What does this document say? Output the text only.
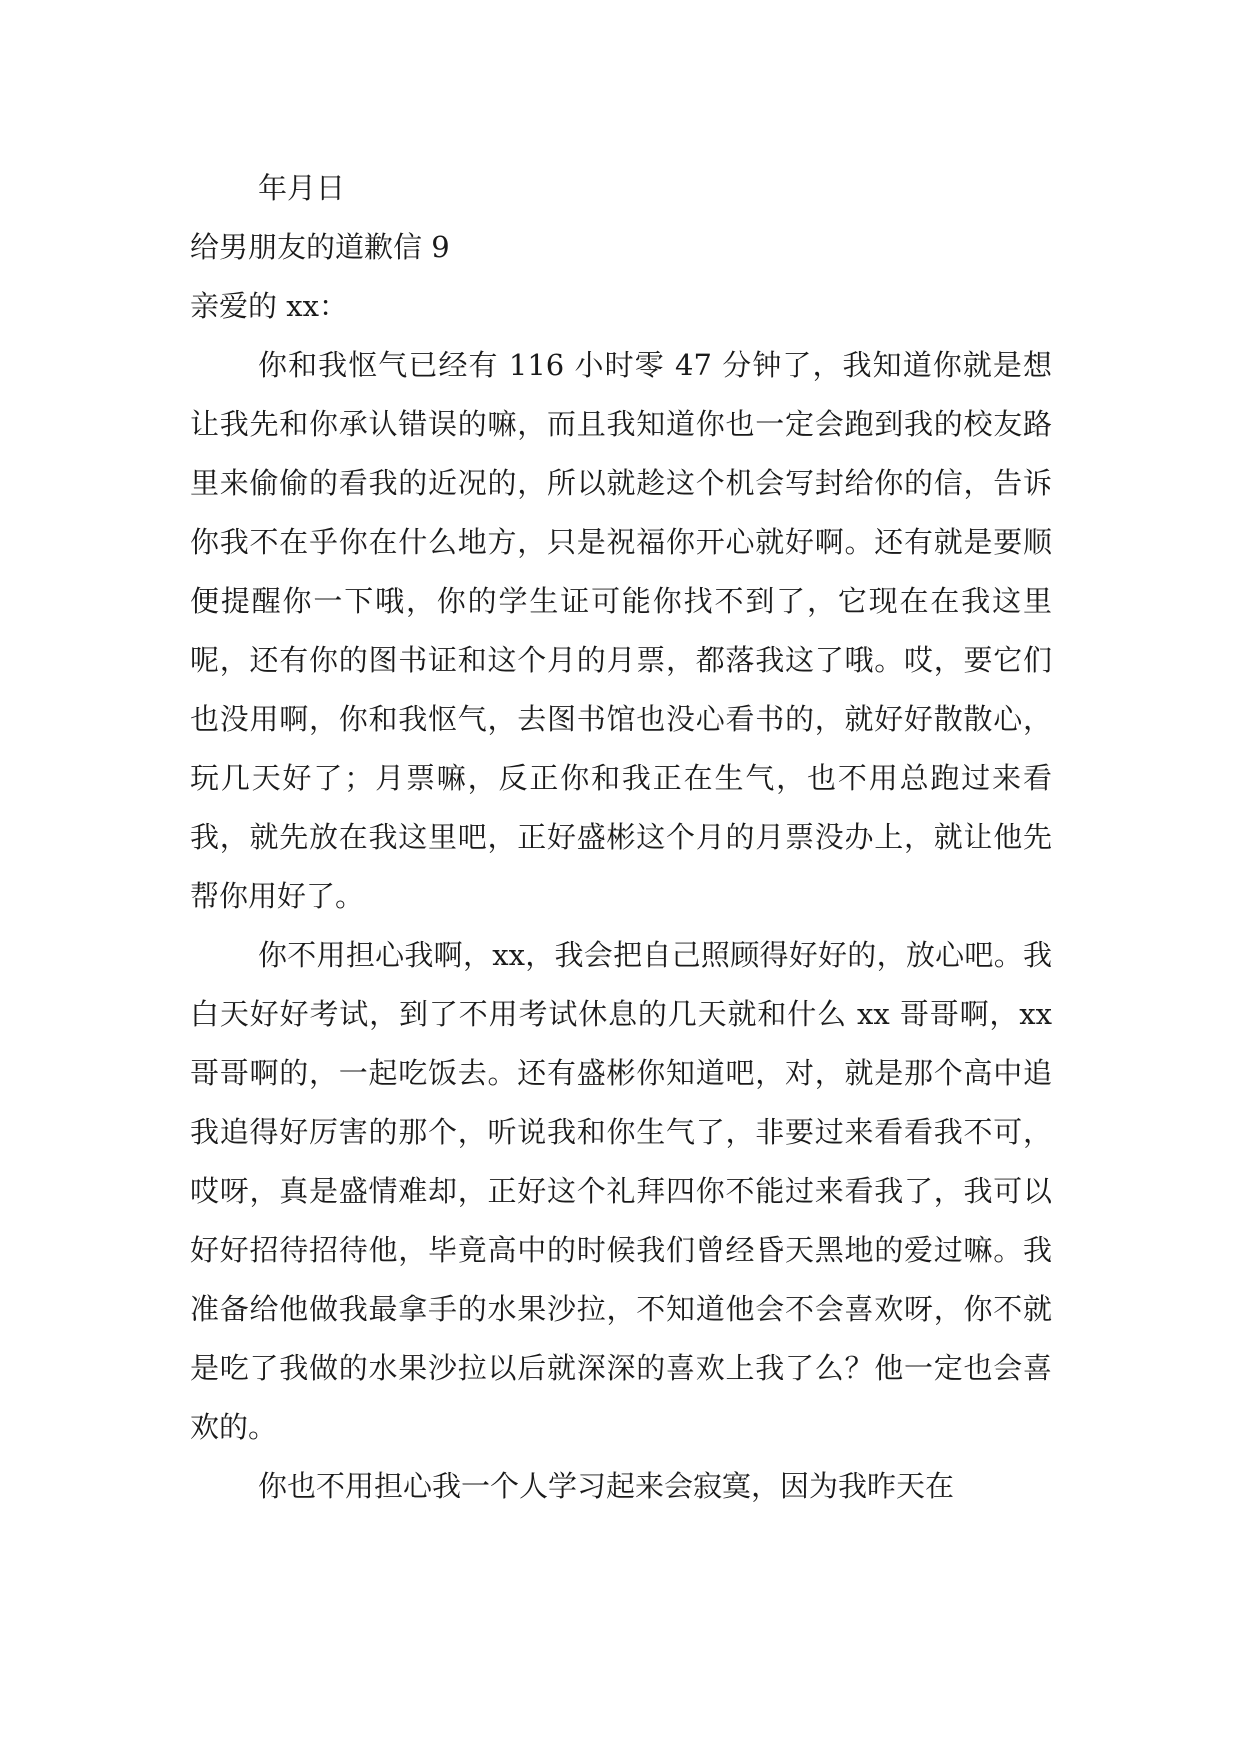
年月日

给男朋友的道歉信 9

亲爱的 xx：

你和我怄气已经有 116 小时零 47 分钟了，我知道你就是想让我先和你承认错误的嘛，而且我知道你也一定会跑到我的校友路里来偷偷的看我的近况的，所以就趁这个机会写封给你的信，告诉你我不在乎你在什么地方，只是祝福你开心就好啊。还有就是要顺便提醒你一下哦，你的学生证可能你找不到了，它现在在我这里呢，还有你的图书证和这个月的月票，都落我这了哦。哎，要它们也没用啊，你和我怄气，去图书馆也没心看书的，就好好散散心，玩几天好了；月票嘛，反正你和我正在生气，也不用总跑过来看我，就先放在我这里吧，正好盛彬这个月的月票没办上，就让他先帮你用好了。

你不用担心我啊，xx，我会把自己照顾得好好的，放心吧。我白天好好考试，到了不用考试休息的几天就和什么 xx 哥哥啊，xx 哥哥啊的，一起吃饭去。还有盛彬你知道吧，对，就是那个高中追我追得好厉害的那个，听说我和你生气了，非要过来看看我不可，哎呀，真是盛情难却，正好这个礼拜四你不能过来看我了，我可以好好招待招待他，毕竟高中的时候我们曾经昏天黑地的爱过嘛。我准备给他做我最拿手的水果沙拉，不知道他会不会喜欢呀，你不就是吃了我做的水果沙拉以后就深深的喜欢上我了么？他一定也会喜欢的。

你也不用担心我一个人学习起来会寂寞，因为我昨天在
